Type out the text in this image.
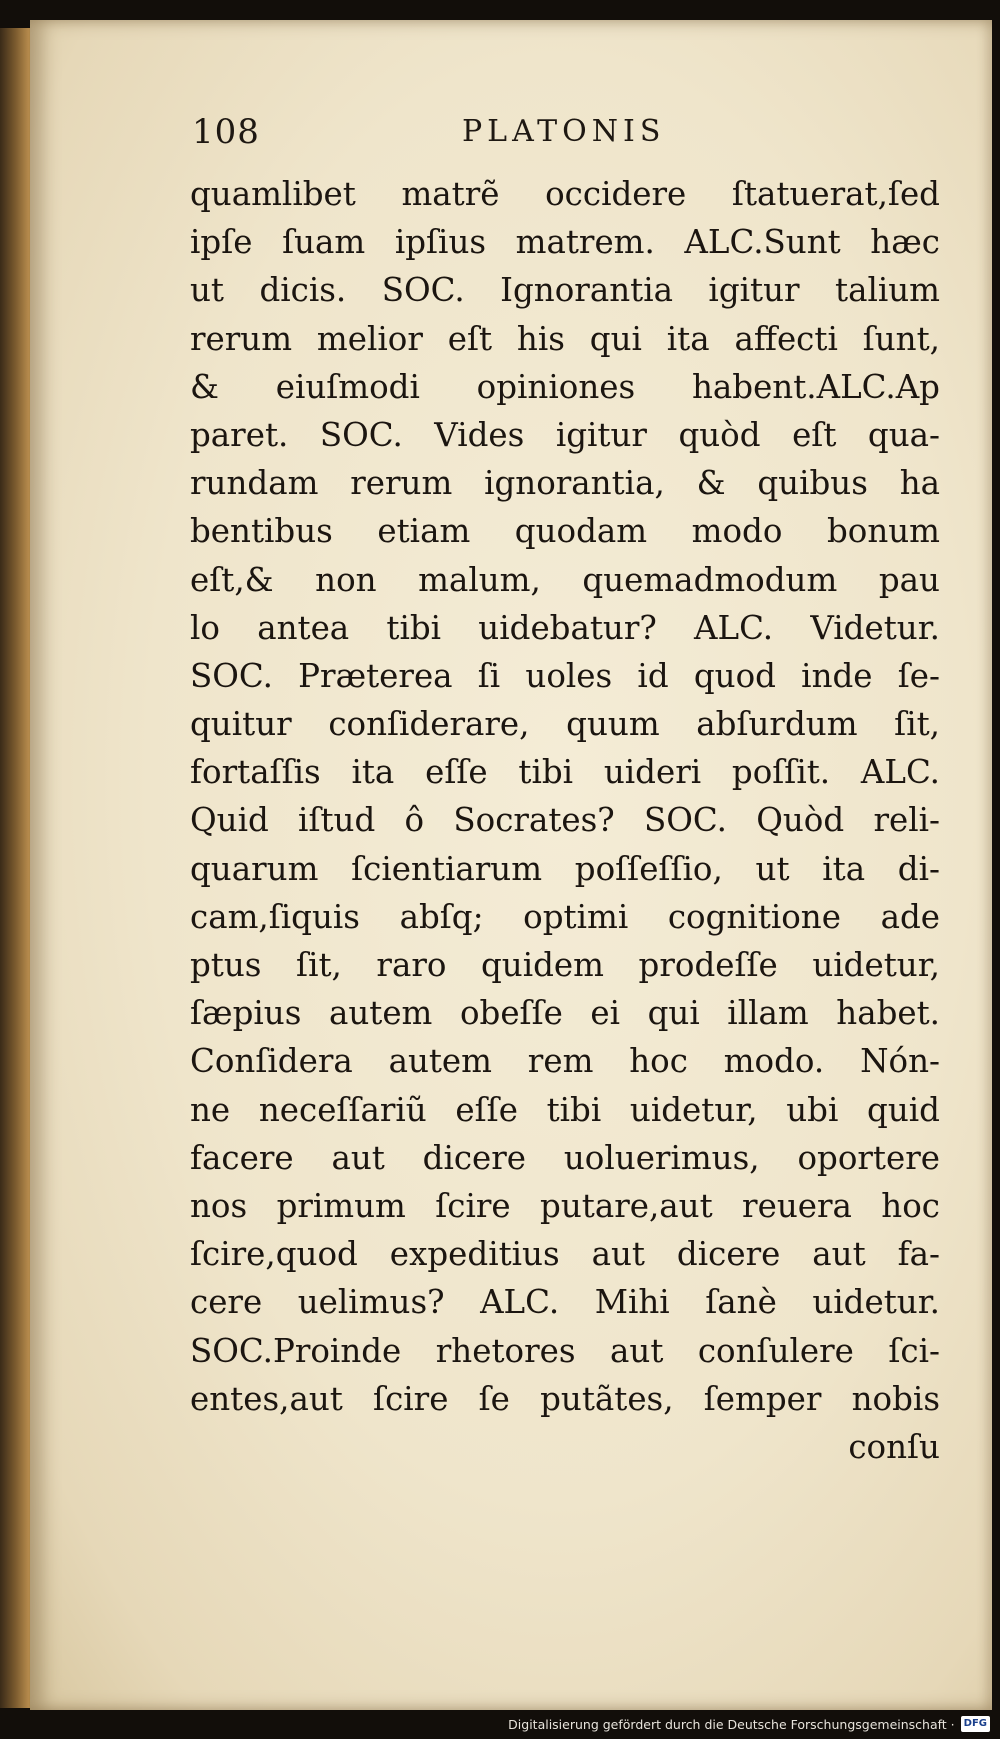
108	PLATONIS
quamlibet matrẽ occidere ſtatuerat,ſed
ipſe ſuam ipſius matrem. ALC.Sunt hæc
ut dicis. SOC. Ignorantia igitur talium
rerum melior eſt his qui ita affecti ſunt,
& eiuſmodi opiniones habent.ALC.Ap
paret. SOC. Vides igitur quòd eſt qua-
rundam rerum ignorantia, & quibus ha
bentibus etiam quodam modo bonum
eſt,& non malum, quemadmodum pau
lo antea tibi uidebatur? ALC. Videtur.
SOC. Præterea ſi uoles id quod inde ſe-
quitur conſiderare, quum abſurdum ſit,
fortaſſis ita eſſe tibi uideri poſſit. ALC.
Quid iſtud ô Socrates? SOC. Quòd reli-
quarum ſcientiarum poſſeſſio, ut ita di-
cam,ſiquis abſq; optimi cognitione ade
ptus ſit, raro quidem prodeſſe uidetur,
ſæpius autem obeſſe ei qui illam habet.
Conſidera autem rem hoc modo. Nón-
ne neceſſariũ eſſe tibi uidetur, ubi quid
facere aut dicere uoluerimus, oportere
nos primum ſcire putare,aut reuera hoc
ſcire,quod expeditius aut dicere aut fa-
cere uelimus? ALC. Mihi ſanè uidetur.
SOC.Proinde rhetores aut conſulere ſci-
entes,aut ſcire ſe putãtes, ſemper nobis
conſu
Digitalisierung gefördert durch die Deutsche Forschungsgemeinschaft · DFG
